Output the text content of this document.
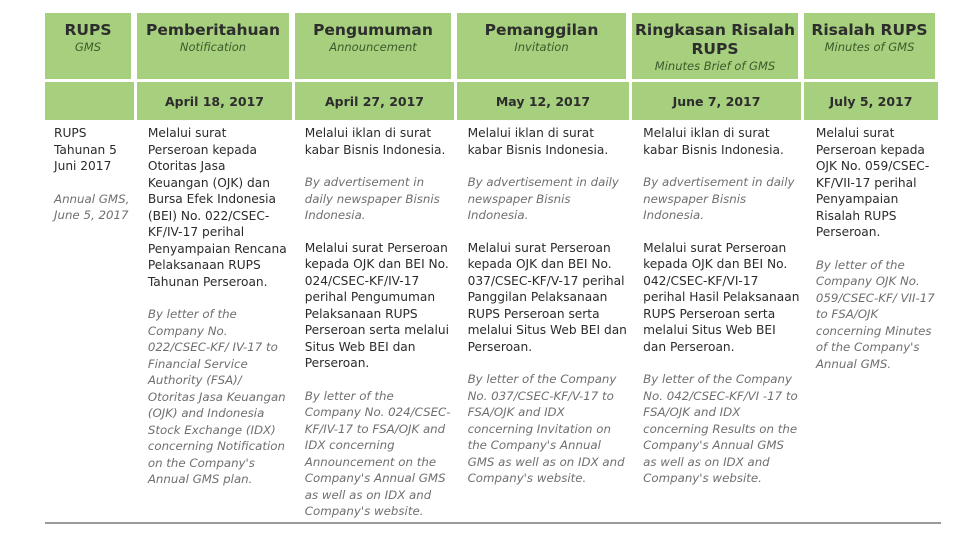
RUPS
GMS
Pemberitahuan
Notification
April 18, 2017
Pengumuman
Announcement
April 27, 2017
Pemanggilan
Invitation
May 12, 2017
Ringkasan Risalah RUPS
Minutes Brief of GMS
June 7, 2017
Risalah RUPS
Minutes of GMS
July 5, 2017

RUPS Tahunan 5 Juni 2017

Annual GMS, June 5, 2017

Melalui surat Perseroan kepada Otoritas Jasa Keuangan (OJK) dan Bursa Efek Indonesia (BEI) No. 022/CSEC-KF/IV-17 perihal Penyampaian Rencana Pelaksanaan RUPS Tahunan Perseroan.

By letter of the Company No. 022/CSEC-KF/ IV-17 to Financial Service Authority (FSA)/ Otoritas Jasa Keuangan (OJK) and Indonesia Stock Exchange (IDX) concerning Notification on the Company's Annual GMS plan.

Melalui iklan di surat kabar Bisnis Indonesia.

By advertisement in daily newspaper Bisnis Indonesia.

Melalui surat Perseroan kepada OJK dan BEI No. 024/CSEC-KF/IV-17 perihal Pengumuman Pelaksanaan RUPS Perseroan serta melalui Situs Web BEI dan Perseroan.

By letter of the Company No. 024/CSEC-KF/IV-17 to FSA/OJK and IDX concerning Announcement on the Company's Annual GMS as well as on IDX and Company's website.

Melalui iklan di surat kabar Bisnis Indonesia.

By advertisement in daily newspaper Bisnis Indonesia.

Melalui surat Perseroan kepada OJK dan BEI No. 037/CSEC-KF/V-17 perihal Panggilan Pelaksanaan RUPS Perseroan serta melalui Situs Web BEI dan Perseroan.

By letter of the Company No. 037/CSEC-KF/V-17 to FSA/OJK and IDX concerning Invitation on the Company's Annual GMS as well as on IDX and Company's website.

Melalui iklan di surat kabar Bisnis Indonesia.

By advertisement in daily newspaper Bisnis Indonesia.

Melalui surat Perseroan kepada OJK dan BEI No. 042/CSEC-KF/VI-17 perihal Hasil Pelaksanaan RUPS Perseroan serta melalui Situs Web BEI dan Perseroan.

By letter of the Company No. 042/CSEC-KF/VI -17 to FSA/OJK and IDX concerning Results on the Company's Annual GMS as well as on IDX and Company's website.

Melalui surat Perseroan kepada OJK No. 059/CSEC-KF/VII-17 perihal Penyampaian Risalah RUPS Perseroan.

By letter of the Company OJK No. 059/CSEC-KF/ VII-17 to FSA/OJK concerning Minutes of the Company's Annual GMS.
